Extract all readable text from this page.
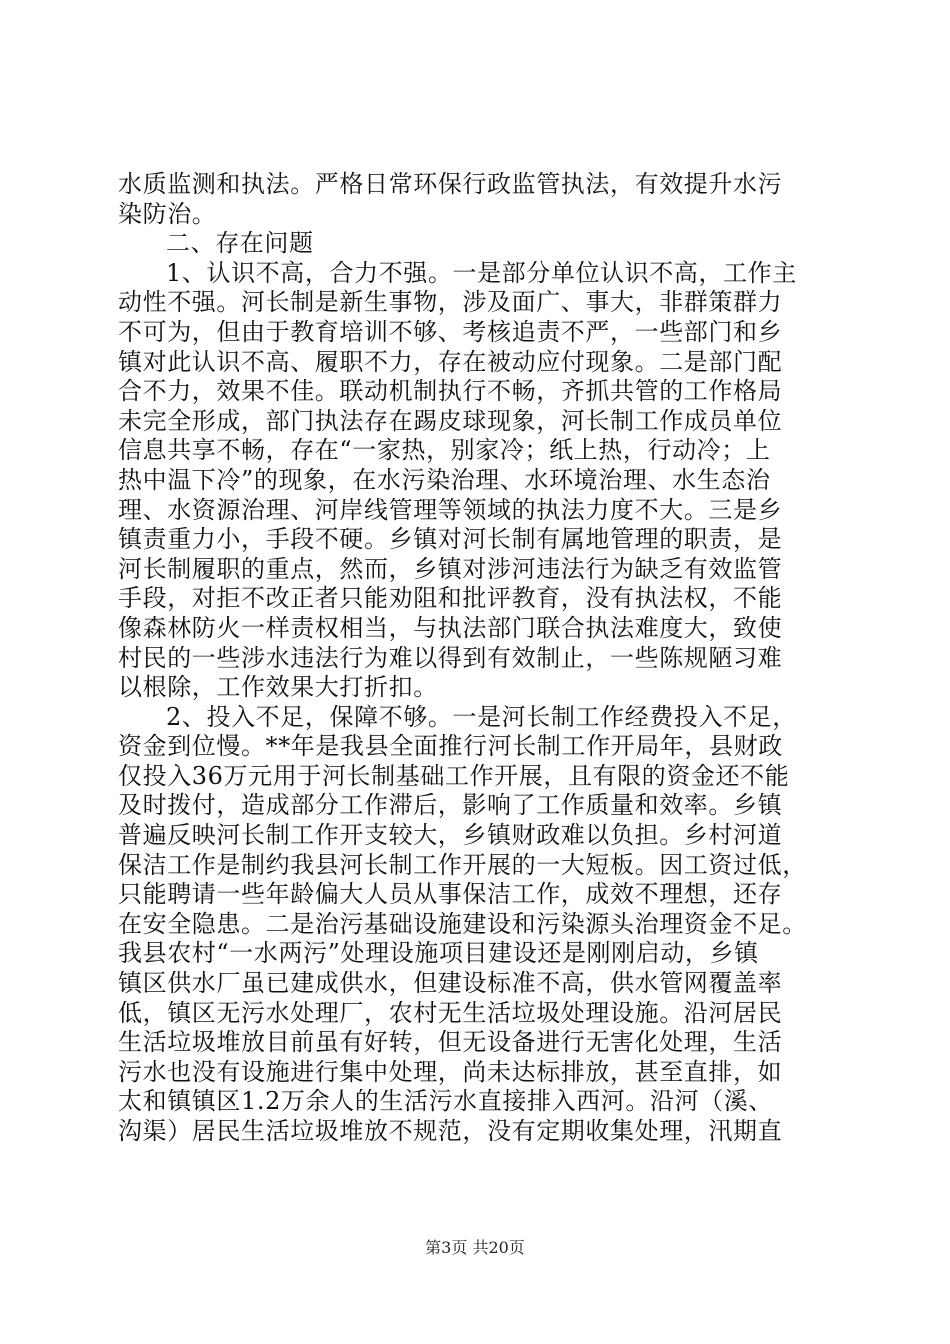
水质监测和执法。严格日常环保行政监管执法，有效提升水污
染防治。
二、存在问题
1、认识不高，合力不强。一是部分单位认识不高，工作主
动性不强。河长制是新生事物，涉及面广、事大，非群策群力
不可为，但由于教育培训不够、考核追责不严，一些部门和乡
镇对此认识不高、履职不力，存在被动应付现象。二是部门配
合不力，效果不佳。联动机制执行不畅，齐抓共管的工作格局
未完全形成，部门执法存在踢皮球现象，河长制工作成员单位
信息共享不畅，存在“一家热，别家冷；纸上热，行动冷；上
热中温下冷”的现象，在水污染治理、水环境治理、水生态治
理、水资源治理、河岸线管理等领域的执法力度不大。三是乡
镇责重力小，手段不硬。乡镇对河长制有属地管理的职责，是
河长制履职的重点，然而，乡镇对涉河违法行为缺乏有效监管
手段，对拒不改正者只能劝阻和批评教育，没有执法权，不能
像森林防火一样责权相当，与执法部门联合执法难度大，致使
村民的一些涉水违法行为难以得到有效制止，一些陈规陋习难
以根除，工作效果大打折扣。
2、投入不足，保障不够。一是河长制工作经费投入不足，
资金到位慢。**年是我县全面推行河长制工作开局年，县财政
仅投入36万元用于河长制基础工作开展，且有限的资金还不能
及时拨付，造成部分工作滞后，影响了工作质量和效率。乡镇
普遍反映河长制工作开支较大，乡镇财政难以负担。乡村河道
保洁工作是制约我县河长制工作开展的一大短板。因工资过低，
只能聘请一些年龄偏大人员从事保洁工作，成效不理想，还存
在安全隐患。二是治污基础设施建设和污染源头治理资金不足。
我县农村“一水两污”处理设施项目建设还是刚刚启动，乡镇
镇区供水厂虽已建成供水，但建设标准不高，供水管网覆盖率
低，镇区无污水处理厂，农村无生活垃圾处理设施。沿河居民
生活垃圾堆放目前虽有好转，但无设备进行无害化处理，生活
污水也没有设施进行集中处理，尚未达标排放，甚至直排，如
太和镇镇区1.2万余人的生活污水直接排入西河。沿河（溪、
沟渠）居民生活垃圾堆放不规范，没有定期收集处理，汛期直
第3页 共20页
